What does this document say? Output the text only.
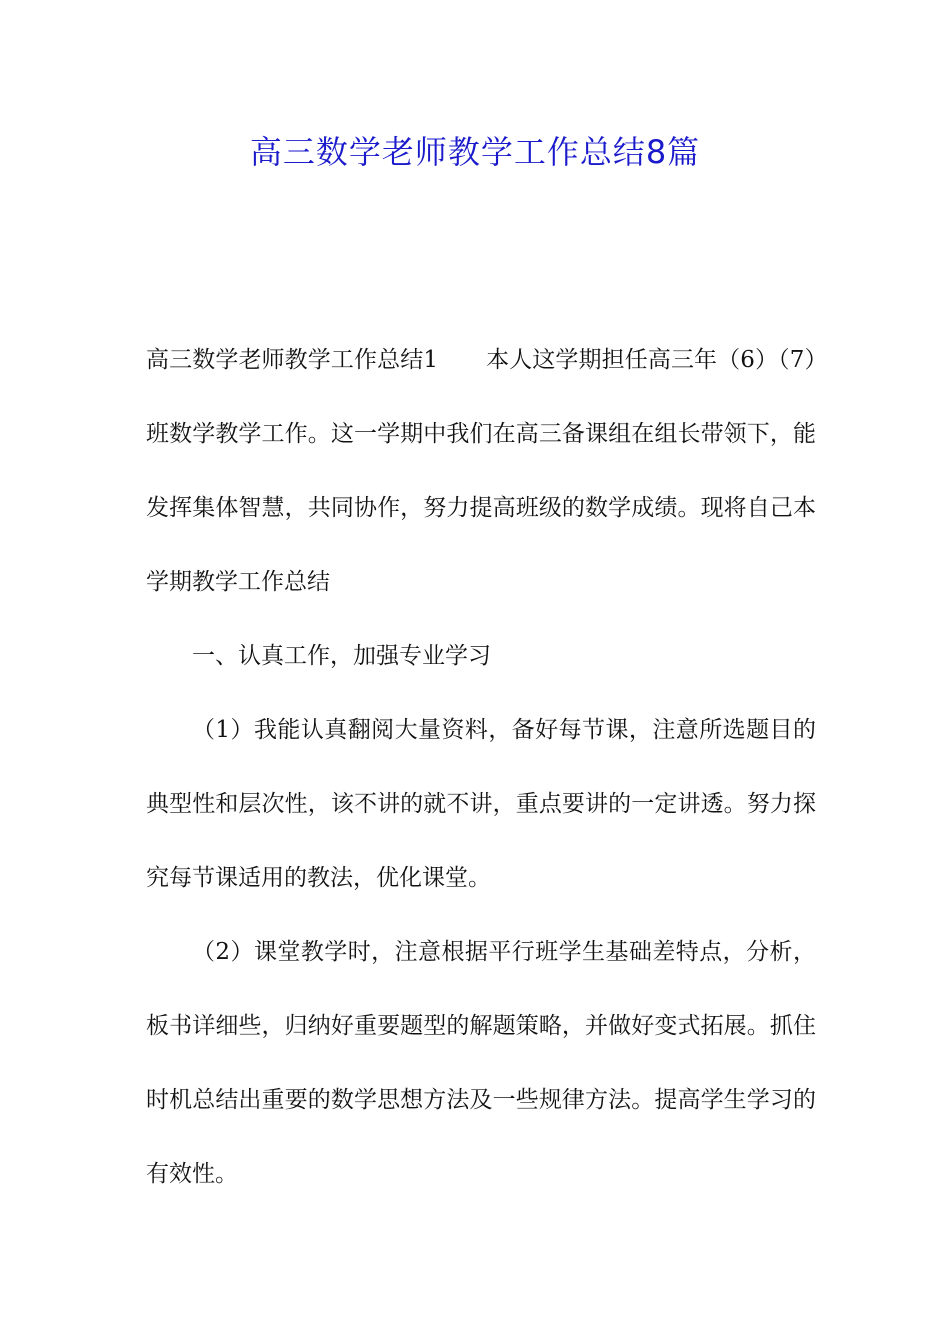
高三数学老师教学工作总结8篇

高三数学老师教学工作总结1 本人这学期担任高三年（6）（7）班数学教学工作。这一学期中我们在高三备课组在组长带领下，能发挥集体智慧，共同协作，努力提高班级的数学成绩。现将自己本学期教学工作总结

一、认真工作，加强专业学习

（1）我能认真翻阅大量资料，备好每节课，注意所选题目的典型性和层次性，该不讲的就不讲，重点要讲的一定讲透。努力探究每节课适用的教法，优化课堂。

（2）课堂教学时，注意根据平行班学生基础差特点，分析，板书详细些，归纳好重要题型的解题策略，并做好变式拓展。抓住时机总结出重要的数学思想方法及一些规律方法。提高学生学习的有效性。
